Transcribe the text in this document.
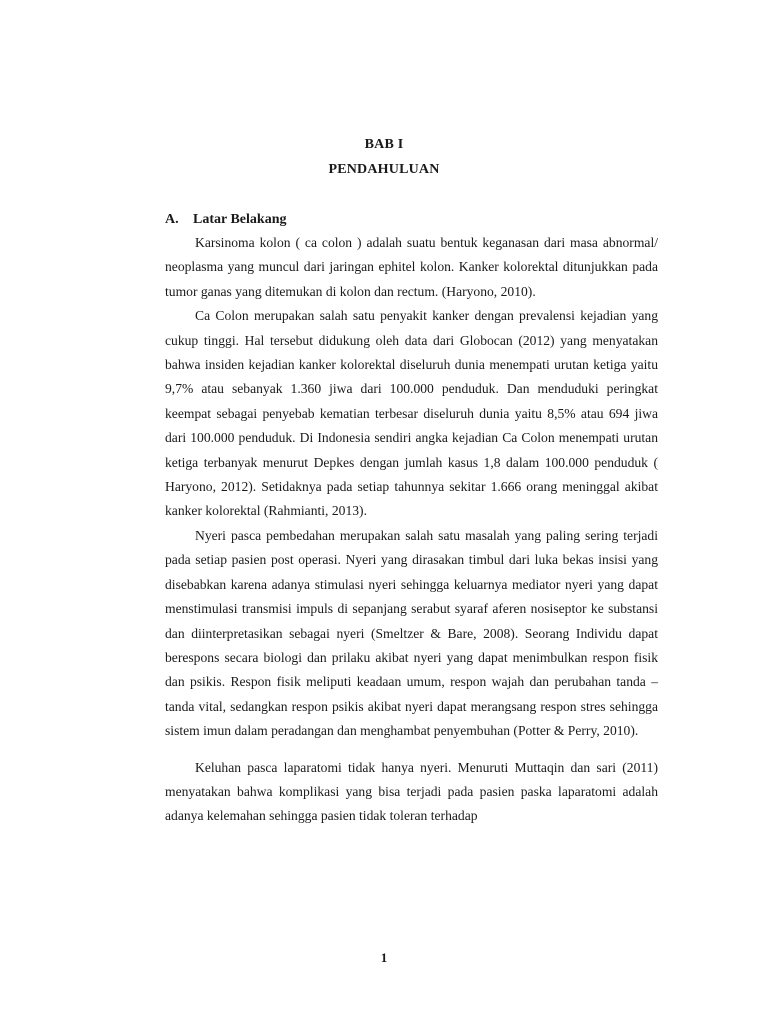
BAB I
PENDAHULUAN
A. Latar Belakang

Karsinoma kolon ( ca colon ) adalah suatu bentuk keganasan dari masa abnormal/ neoplasma yang muncul dari jaringan ephitel kolon. Kanker kolorektal ditunjukkan pada tumor ganas yang ditemukan di kolon dan rectum. (Haryono, 2010).

Ca Colon merupakan salah satu penyakit kanker dengan prevalensi kejadian yang cukup tinggi. Hal tersebut didukung oleh data dari Globocan (2012) yang menyatakan bahwa insiden kejadian kanker kolorektal diseluruh dunia menempati urutan ketiga yaitu 9,7% atau sebanyak 1.360 jiwa dari 100.000 penduduk. Dan menduduki peringkat keempat sebagai penyebab kematian terbesar diseluruh dunia yaitu 8,5% atau 694 jiwa dari 100.000 penduduk. Di Indonesia sendiri angka kejadian Ca Colon menempati urutan ketiga terbanyak menurut Depkes dengan jumlah kasus 1,8 dalam 100.000 penduduk ( Haryono, 2012). Setidaknya pada setiap tahunnya sekitar 1.666 orang meninggal akibat kanker kolorektal (Rahmianti, 2013).

Nyeri pasca pembedahan merupakan salah satu masalah yang paling sering terjadi pada setiap pasien post operasi. Nyeri yang dirasakan timbul dari luka bekas insisi yang disebabkan karena adanya stimulasi nyeri sehingga keluarnya mediator nyeri yang dapat menstimulasi transmisi impuls di sepanjang serabut syaraf aferen nosiseptor ke substansi dan diinterpretasikan sebagai nyeri (Smeltzer & Bare, 2008). Seorang Individu dapat berespons secara biologi dan prilaku akibat nyeri yang dapat menimbulkan respon fisik dan psikis. Respon fisik meliputi keadaan umum, respon wajah dan perubahan tanda – tanda vital, sedangkan respon psikis akibat nyeri dapat merangsang respon stres sehingga sistem imun dalam peradangan dan menghambat penyembuhan (Potter & Perry, 2010).

Keluhan pasca laparatomi tidak hanya nyeri. Menuruti Muttaqin dan sari (2011) menyatakan bahwa komplikasi yang bisa terjadi pada pasien paska laparatomi adalah adanya kelemahan sehingga pasien tidak toleran terhadap

1
